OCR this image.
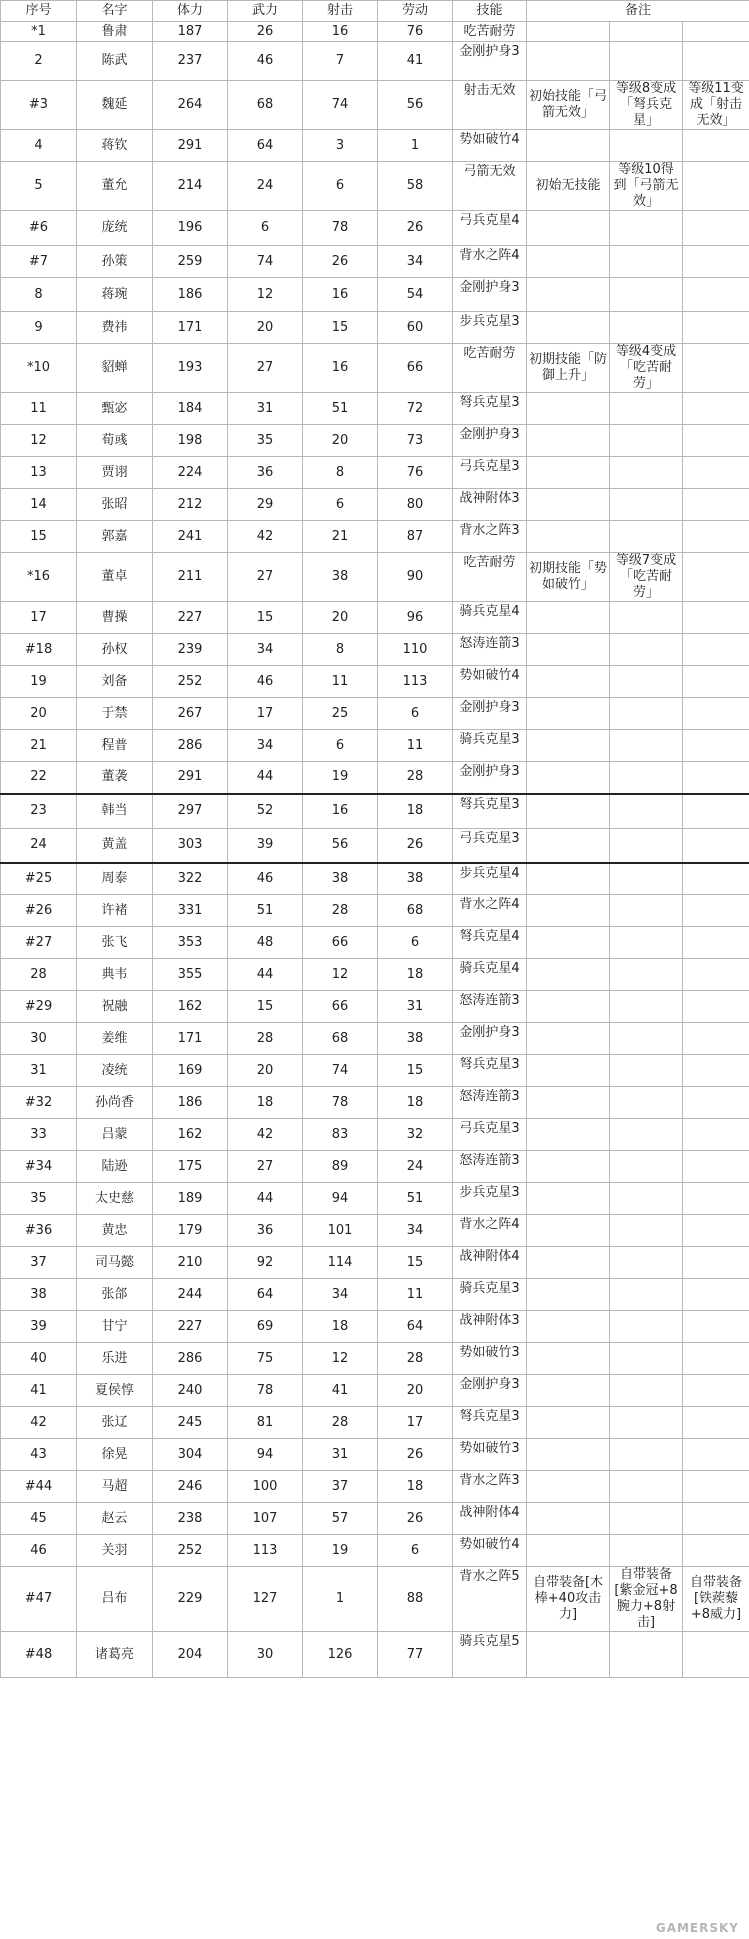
序号	名字	体力	武力	射击	劳动	技能	备注		
*1	鲁肃	187	26	16	76	吃苦耐劳			
2	陈武	237	46	7	41	金刚护身3			
#3	魏延	264	68	74	56	射击无效	初始技能「弓箭无效」	等级8变成「弩兵克星」	等级11变成「射击无效」
4	蒋钦	291	64	3	1	势如破竹4			
5	董允	214	24	6	58	弓箭无效	初始无技能	等级10得到「弓箭无效」	
#6	庞统	196	6	78	26	弓兵克星4			
#7	孙策	259	74	26	34	背水之阵4			
8	蒋琬	186	12	16	54	金刚护身3			
9	费祎	171	20	15	60	步兵克星3			
*10	貂蝉	193	27	16	66	吃苦耐劳	初期技能「防御上升」	等级4变成「吃苦耐劳」	
11	甄宓	184	31	51	72	弩兵克星3			
12	荀彧	198	35	20	73	金刚护身3			
13	贾诩	224	36	8	76	弓兵克星3			
14	张昭	212	29	6	80	战神附体3			
15	郭嘉	241	42	21	87	背水之阵3			
*16	董卓	211	27	38	90	吃苦耐劳	初期技能「势如破竹」	等级7变成「吃苦耐劳」	
17	曹操	227	15	20	96	骑兵克星4			
#18	孙权	239	34	8	110	怒涛连箭3			
19	刘备	252	46	11	113	势如破竹4			
20	于禁	267	17	25	6	金刚护身3			
21	程普	286	34	6	11	骑兵克星3			
22	董袭	291	44	19	28	金刚护身3			
23	韩当	297	52	16	18	弩兵克星3			
24	黄盖	303	39	56	26	弓兵克星3			
#25	周泰	322	46	38	38	步兵克星4			
#26	许褚	331	51	28	68	背水之阵4			
#27	张飞	353	48	66	6	弩兵克星4			
28	典韦	355	44	12	18	骑兵克星4			
#29	祝融	162	15	66	31	怒涛连箭3			
30	姜维	171	28	68	38	金刚护身3			
31	凌统	169	20	74	15	弩兵克星3			
#32	孙尚香	186	18	78	18	怒涛连箭3			
33	吕蒙	162	42	83	32	弓兵克星3			
#34	陆逊	175	27	89	24	怒涛连箭3			
35	太史慈	189	44	94	51	步兵克星3			
#36	黄忠	179	36	101	34	背水之阵4			
37	司马懿	210	92	114	15	战神附体4			
38	张郃	244	64	34	11	骑兵克星3			
39	甘宁	227	69	18	64	战神附体3			
40	乐进	286	75	12	28	势如破竹3			
41	夏侯惇	240	78	41	20	金刚护身3			
42	张辽	245	81	28	17	弩兵克星3			
43	徐晃	304	94	31	26	势如破竹3			
#44	马超	246	100	37	18	背水之阵3			
45	赵云	238	107	57	26	战神附体4			
46	关羽	252	113	19	6	势如破竹4			
#47	吕布	229	127	1	88	背水之阵5	自带装备[木棒+40攻击力]	自带装备[紫金冠+8腕力+8射击]	自带装备[铁蒺藜+8威力]
#48	诸葛亮	204	30	126	77	骑兵克星5			
GAMERSKY
